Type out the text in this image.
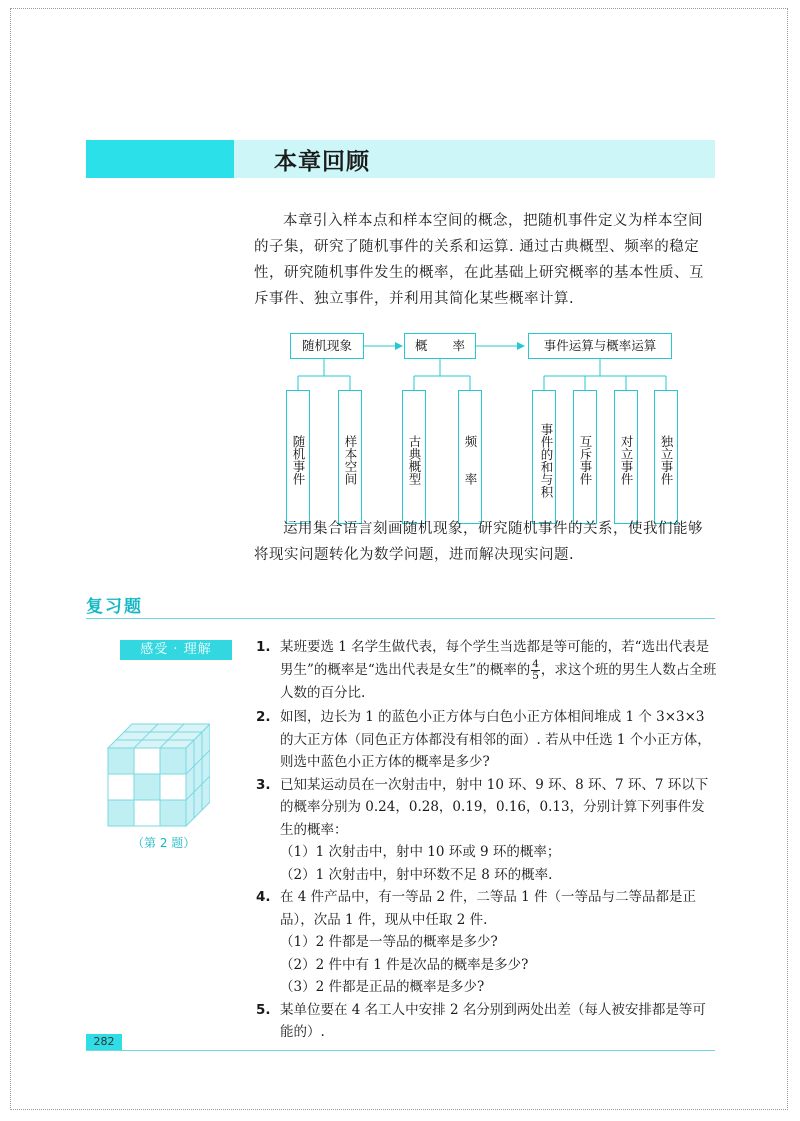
本章回顾
本章引入样本点和样本空间的概念，把随机事件定义为样本空间的子集，研究了随机事件的关系和运算. 通过古典概型、频率的稳定性，研究随机事件发生的概率，在此基础上研究概率的基本性质、互斥事件、独立事件，并利用其简化某些概率计算.
随机现象	概　　率	事件运算与概率运算
随机事件	样本空间	古典概型	频　　率	事件的和与积	互斥事件	对立事件	独立事件
运用集合语言刻画随机现象，研究随机事件的关系，使我们能够将现实问题转化为数学问题，进而解决现实问题.
复习题
感受 · 理解
（第 2 题）
1. 某班要选 1 名学生做代表，每个学生当选都是等可能的，若“选出代表是男生”的概率是“选出代表是女生”的概率的 $\frac{4}{5}$ ，求这个班的男生人数占全班人数的百分比.
2. 如图，边长为 1 的蓝色小正方体与白色小正方体相间堆成 1 个 3×3×3 的大正方体（同色正方体都没有相邻的面）. 若从中任选 1 个小正方体，则选中蓝色小正方体的概率是多少?
3. 已知某运动员在一次射击中，射中 10 环、9 环、8 环、7 环、7 环以下的概率分别为 0.24，0.28，0.19，0.16，0.13，分别计算下列事件发生的概率：
（1）1 次射击中，射中 10 环或 9 环的概率；
（2）1 次射击中，射中环数不足 8 环的概率.
4. 在 4 件产品中，有一等品 2 件，二等品 1 件（一等品与二等品都是正品），次品 1 件，现从中任取 2 件.
（1）2 件都是一等品的概率是多少?
（2）2 件中有 1 件是次品的概率是多少?
（3）2 件都是正品的概率是多少?
5. 某单位要在 4 名工人中安排 2 名分别到两处出差（每人被安排都是等可能的）.
282
